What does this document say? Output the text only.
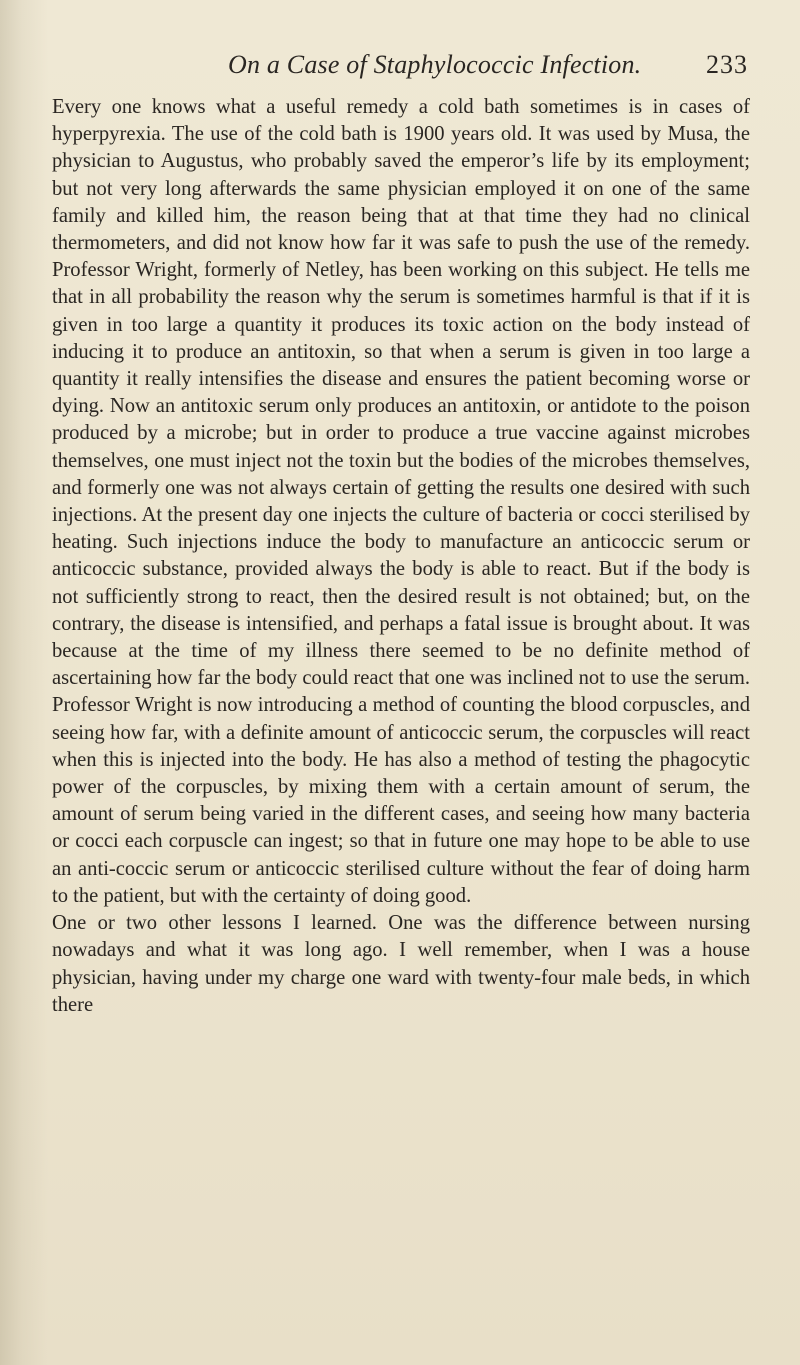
On a Case of Staphylococcic Infection. 233

Every one knows what a useful remedy a cold bath sometimes is in cases of hyperpyrexia. The use of the cold bath is 1900 years old. It was used by Musa, the physician to Augustus, who probably saved the emperor’s life by its employment; but not very long afterwards the same physician employed it on one of the same family and killed him, the reason being that at that time they had no clinical thermometers, and did not know how far it was safe to push the use of the remedy. Professor Wright, formerly of Netley, has been working on this subject. He tells me that in all probability the reason why the serum is sometimes harmful is that if it is given in too large a quantity it produces its toxic action on the body instead of inducing it to produce an antitoxin, so that when a serum is given in too large a quantity it really intensifies the disease and ensures the patient becoming worse or dying. Now an antitoxic serum only produces an antitoxin, or antidote to the poison produced by a microbe; but in order to produce a true vaccine against microbes themselves, one must inject not the toxin but the bodies of the microbes themselves, and formerly one was not always certain of getting the results one desired with such injections. At the present day one injects the culture of bacteria or cocci sterilised by heating. Such injections induce the body to manufacture an anticoccic serum or anticoccic substance, provided always the body is able to react. But if the body is not sufficiently strong to react, then the desired result is not obtained; but, on the contrary, the disease is intensified, and perhaps a fatal issue is brought about. It was because at the time of my illness there seemed to be no definite method of ascertaining how far the body could react that one was inclined not to use the serum. Professor Wright is now introducing a method of counting the blood corpuscles, and seeing how far, with a definite amount of anticoccic serum, the corpuscles will react when this is injected into the body. He has also a method of testing the phagocytic power of the corpuscles, by mixing them with a certain amount of serum, the amount of serum being varied in the different cases, and seeing how many bacteria or cocci each corpuscle can ingest; so that in future one may hope to be able to use an anti-coccic serum or anticoccic sterilised culture without the fear of doing harm to the patient, but with the certainty of doing good.

One or two other lessons I learned. One was the difference between nursing nowadays and what it was long ago. I well remember, when I was a house physician, having under my charge one ward with twenty-four male beds, in which there
